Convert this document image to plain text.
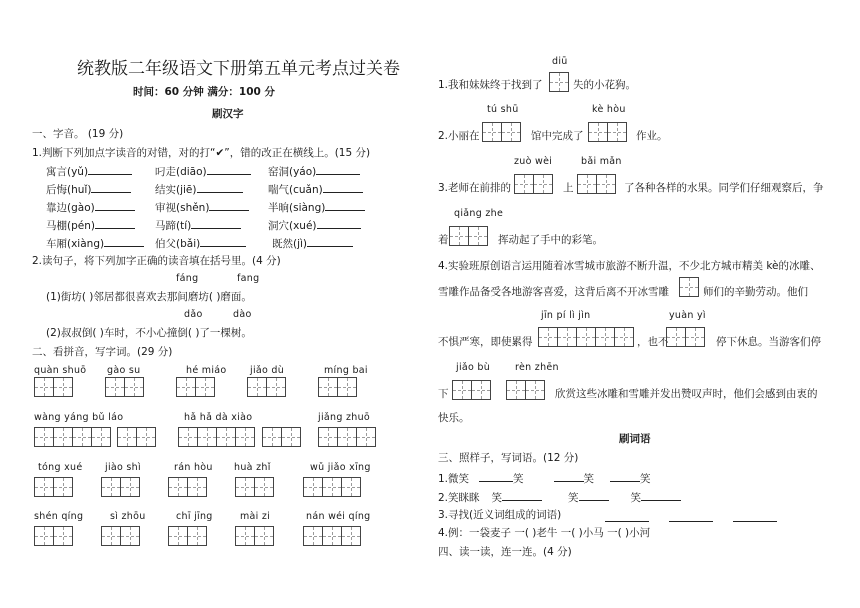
统教版二年级语文下册第五单元考点过关卷
时间：60 分钟 满分：100 分
刷汉字
一、字音。 (19 分)
1.判断下列加点字读音的对错，对的打“✔”，错的改正在横线上。(15 分)
寓言(yǔ)	叼走(diāo)	窑洞(yáo)
后悔(huǐ)	结实(jiē)	喘气(cuǎn)
靠边(gào)	审视(shěn)	半晌(siàng)
马棚(pén)	马蹄(tí)	洞穴(xué)
车厢(xiàng)	伯父(bǎi)	既然(jì)
2.读句子，将下列加字正确的读音填在括号里。(4 分)
fáng	fang
(1)街坊( )邻居都很喜欢去那间磨坊( )磨面。
dǎo	dào
(2)叔叔倒( )车时，不小心撞倒( )了一棵树。
二、看拼音，写字词。(29 分)
quàn shuō gào su	hé miáo jiǎo dù	míng bai
wàng yáng bǔ láo	hǎ hǎ dà xiào	jiǎng zhuō
tóng xué jiào shì	rán hòu huà zhǐ	wǔ jiǎo xīng
shén qíng	sì zhōu	chī jīng	mài zi	nán wéi qíng
diū
1.我和妹妹终于找到了	失的小花狗。
tú shū	kè hòu
2.小丽在	馆中完成了	作业。
zuò wèi	bǎi mǎn
3.老师在前排的	上	了各种各样的水果。同学们仔细观察后，争
qiǎng zhe
着	挥动起了手中的彩笔。
4.实验班原创语言运用随着冰雪城市旅游不断升温，不少北方城市精美 kè的冰雕、
雪雕作品备受各地游客喜爱，这背后离不开冰雪雕	师们的辛勤劳动。他们
jīn pí lì jìn	yuàn yì
不惧严寒，即使累得	，也不	停下休息。当游客们停
jiǎo bù	rèn zhēn
下	欣赏这些冰雕和雪雕并发出赞叹声时，他们会感到由衷的
快乐。
刷词语
三、照样子，写词语。(12 分)
1.微笑	笑	笑	笑
2.笑眯眯 笑	笑	笑
3.寻找(近义词组成的词语)
4.例：一袋麦子 一( )老牛 一( )小马 一( )小河
四、读一读，连一连。(4 分)
